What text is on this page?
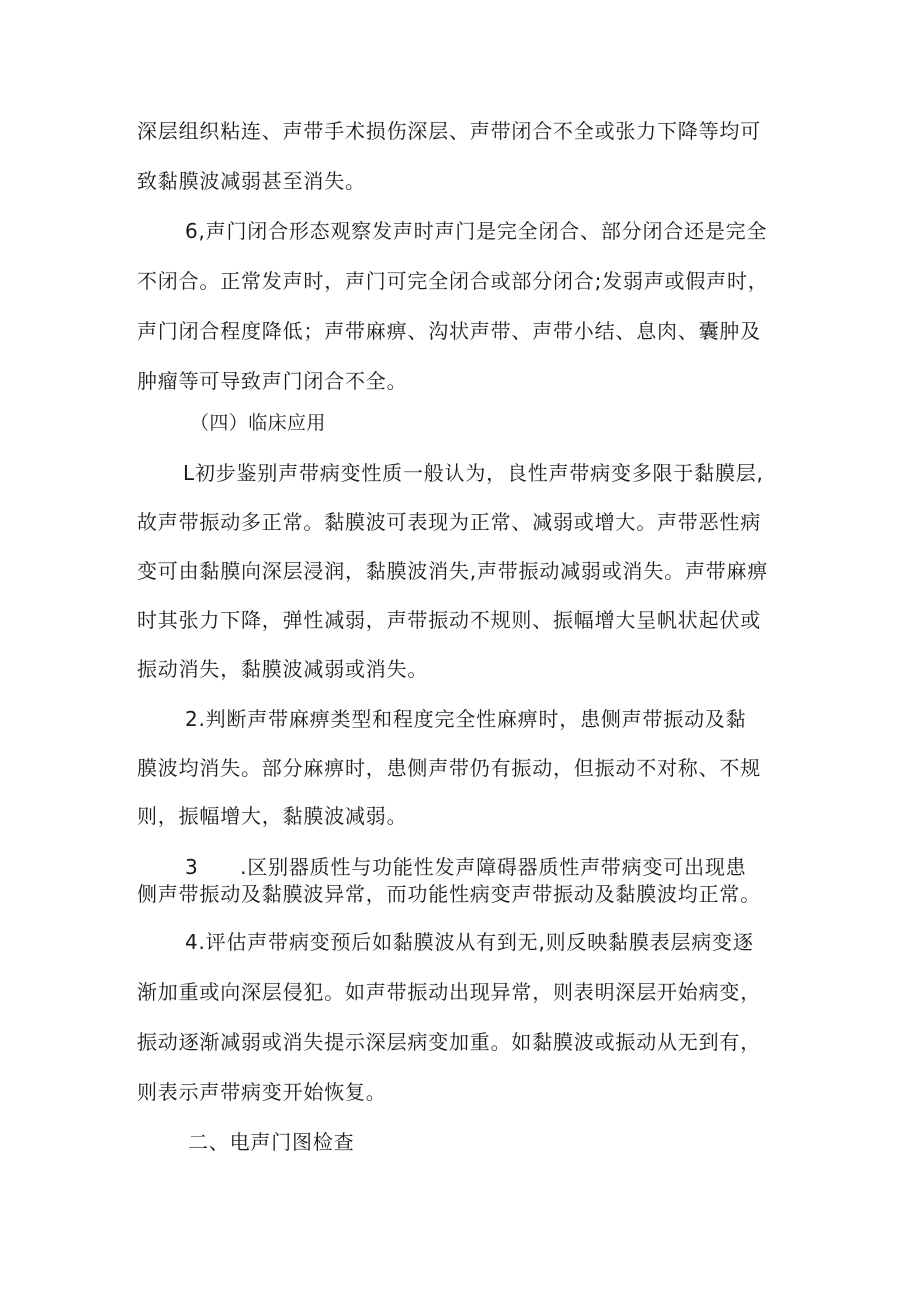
深层组织粘连、声带手术损伤深层、声带闭合不全或张力下降等均可
致黏膜波减弱甚至消失。
6,声门闭合形态观察发声时声门是完全闭合、部分闭合还是完全
不闭合。正常发声时，声门可完全闭合或部分闭合;发弱声或假声时，
声门闭合程度降低；声带麻痹、沟状声带、声带小结、息肉、囊肿及
肿瘤等可导致声门闭合不全。
（四）临床应用
L初步鉴别声带病变性质一般认为，良性声带病变多限于黏膜层,
故声带振动多正常。黏膜波可表现为正常、减弱或增大。声带恶性病
变可由黏膜向深层浸润，黏膜波消失,声带振动减弱或消失。声带麻痹
时其张力下降，弹性减弱，声带振动不规则、振幅增大呈帆状起伏或
振动消失，黏膜波减弱或消失。
2.判断声带麻痹类型和程度完全性麻痹时，患侧声带振动及黏
膜波均消失。部分麻痹时，患侧声带仍有振动，但振动不对称、不规
则，振幅增大，黏膜波减弱。
3　　.区别器质性与功能性发声障碍器质性声带病变可出现患
侧声带振动及黏膜波异常，而功能性病变声带振动及黏膜波均正常。
4.评估声带病变预后如黏膜波从有到无,则反映黏膜表层病变逐
渐加重或向深层侵犯。如声带振动出现异常，则表明深层开始病变，
振动逐渐减弱或消失提示深层病变加重。如黏膜波或振动从无到有，
则表示声带病变开始恢复。
二、电声门图检查
